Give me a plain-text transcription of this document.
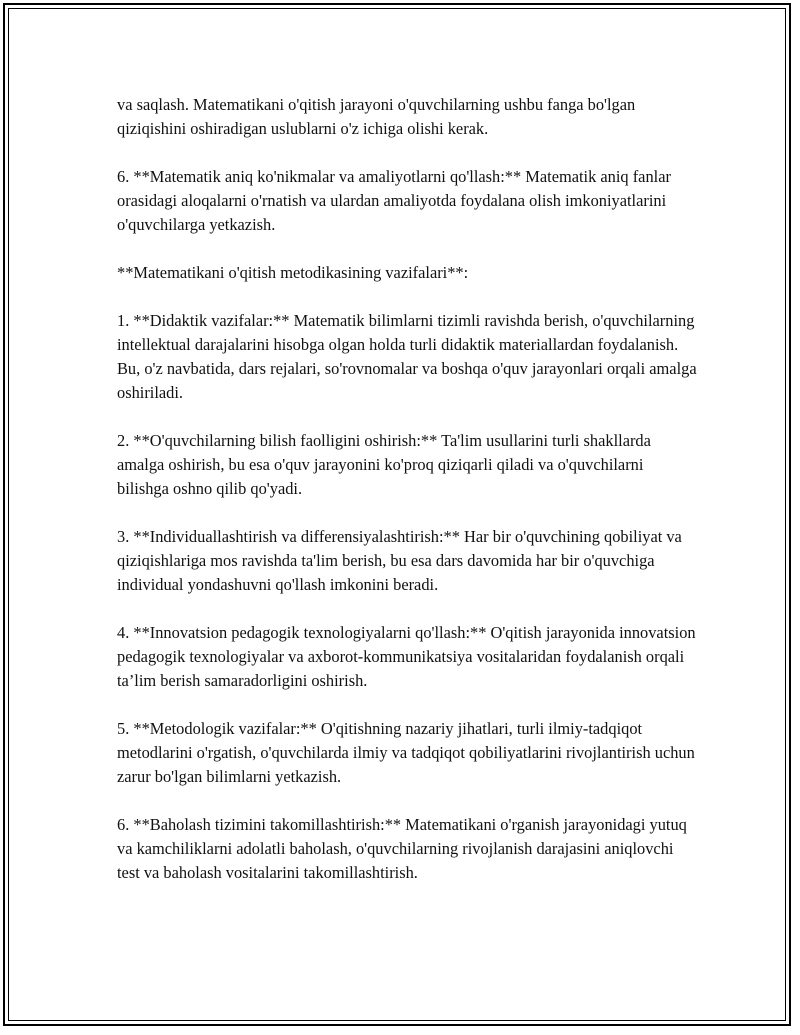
va saqlash. Matematikani o'qitish jarayoni o'quvchilarning ushbu fanga bo'lgan qiziqishini oshiradigan uslublarni o'z ichiga olishi kerak.

6. **Matematik aniq ko'nikmalar va amaliyotlarni qo'llash:** Matematik aniq fanlar orasidagi aloqalarni o'rnatish va ulardan amaliyotda foydalana olish imkoniyatlarini o'quvchilarga yetkazish.

**Matematikani o'qitish metodikasining vazifalari**:

1. **Didaktik vazifalar:** Matematik bilimlarni tizimli ravishda berish, o'quvchilarning intellektual darajalarini hisobga olgan holda turli didaktik materiallardan foydalanish. Bu, o'z navbatida, dars rejalari, so'rovnomalar va boshqa o'quv jarayonlari orqali amalga oshiriladi.

2. **O'quvchilarning bilish faolligini oshirish:** Ta'lim usullarini turli shakllarda amalga oshirish, bu esa o'quv jarayonini ko'proq qiziqarli qiladi va o'quvchilarni bilishga oshno qilib qo'yadi.

3. **Individuallashtirish va differensiyalashtirish:** Har bir o'quvchining qobiliyat va qiziqishlariga mos ravishda ta'lim berish, bu esa dars davomida har bir o'quvchiga individual yondashuvni qo'llash imkonini beradi.

4. **Innovatsion pedagogik texnologiyalarni qo'llash:** O'qitish jarayonida innovatsion pedagogik texnologiyalar va axborot-kommunikatsiya vositalaridan foydalanish orqali ta’lim berish samaradorligini oshirish.

5. **Metodologik vazifalar:** O'qitishning nazariy jihatlari, turli ilmiy-tadqiqot metodlarini o'rgatish, o'quvchilarda ilmiy va tadqiqot qobiliyatlarini rivojlantirish uchun zarur bo'lgan bilimlarni yetkazish.

6. **Baholash tizimini takomillashtirish:** Matematikani o'rganish jarayonidagi yutuq va kamchiliklarni adolatli baholash, o'quvchilarning rivojlanish darajasini aniqlovchi test va baholash vositalarini takomillashtirish.
